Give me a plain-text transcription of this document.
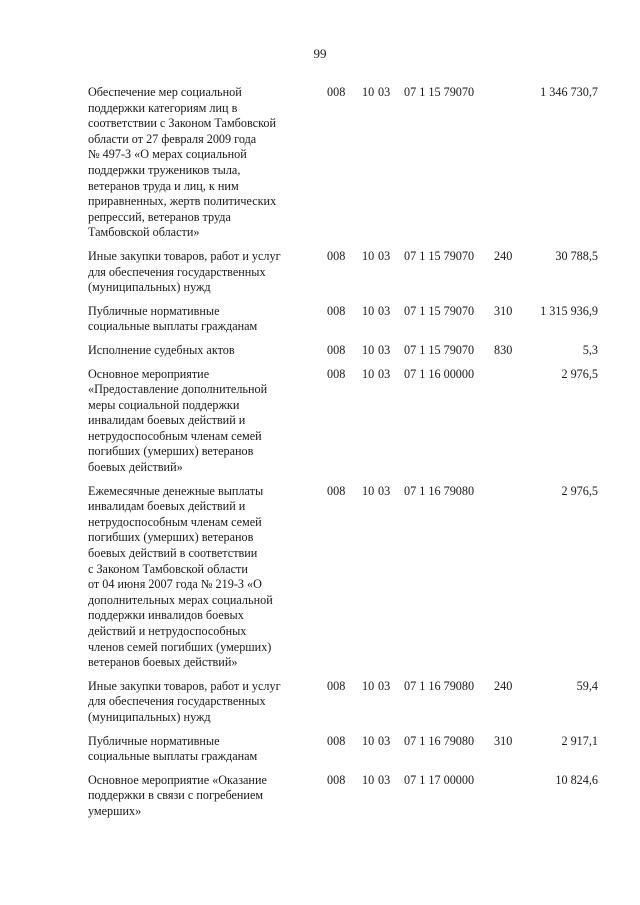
99
Обеспечение мер социальной
поддержки категориям лиц в
соответствии с Законом Тамбовской
области от 27 февраля 2009 года
№ 497-З «О мерах социальной
поддержки тружеников тыла,
ветеранов труда и лиц, к ним
приравненных, жертв политических
репрессий, ветеранов труда
Тамбовской области»
008 10 03 07 1 15 79070	1 346 730,7
Иные закупки товаров, работ и услуг
для обеспечения государственных
(муниципальных) нужд
008 10 03 07 1 15 79070 240	30 788,5
Публичные нормативные
социальные выплаты гражданам
008 10 03 07 1 15 79070 310 1 315 936,9
Исполнение судебных актов	008 10 03 07 1 15 79070 830	5,3
Основное мероприятие
«Предоставление дополнительной
меры социальной поддержки
инвалидам боевых действий и
нетрудоспособным членам семей
погибших (умерших) ветеранов
боевых действий»
008 10 03 07 1 16 00000	2 976,5
Ежемесячные денежные выплаты
инвалидам боевых действий и
нетрудоспособным членам семей
погибших (умерших) ветеранов
боевых действий в соответствии
с Законом Тамбовской области
от 04 июня 2007 года № 219-З «О
дополнительных мерах социальной
поддержки инвалидов боевых
действий и нетрудоспособных
членов семей погибших (умерших)
ветеранов боевых действий»
008 10 03 07 1 16 79080	2 976,5
Иные закупки товаров, работ и услуг
для обеспечения государственных
(муниципальных) нужд
008 10 03 07 1 16 79080 240	59,4
Публичные нормативные
социальные выплаты гражданам
008 10 03 07 1 16 79080 310	2 917,1
Основное мероприятие «Оказание
поддержки в связи с погребением
умерших»
008 10 03 07 1 17 00000	10 824,6
